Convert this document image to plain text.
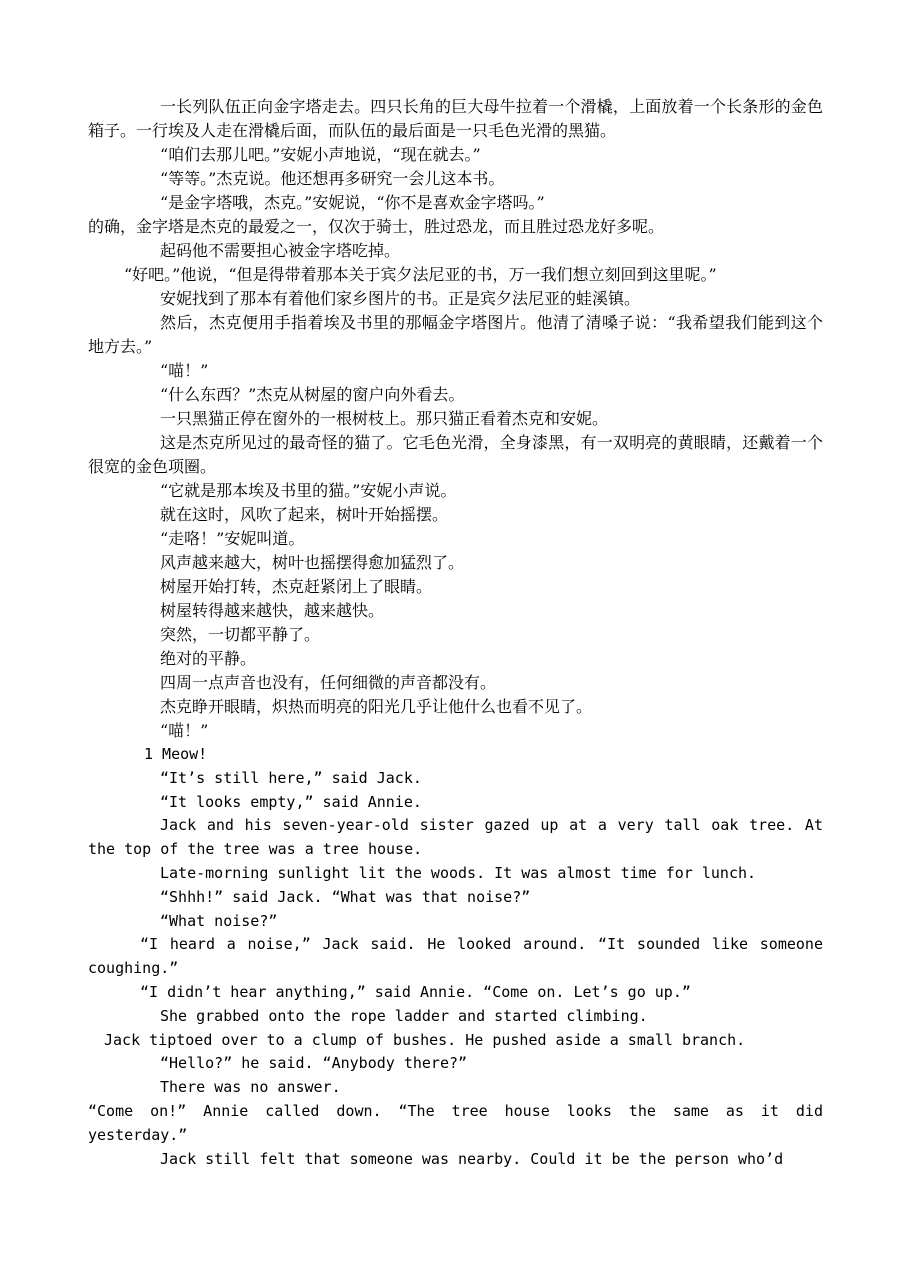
一长列队伍正向金字塔走去。四只长角的巨大母牛拉着一个滑橇，上面放着一个长条形的金色箱子。一行埃及人走在滑橇后面，而队伍的最后面是一只毛色光滑的黑猫。

“咱们去那儿吧。”安妮小声地说，“现在就去。”

“等等。”杰克说。他还想再多研究一会儿这本书。

“是金字塔哦，杰克。”安妮说，“你不是喜欢金字塔吗。”

的确，金字塔是杰克的最爱之一，仅次于骑士，胜过恐龙，而且胜过恐龙好多呢。

起码他不需要担心被金字塔吃掉。

“好吧。”他说，“但是得带着那本关于宾夕法尼亚的书，万一我们想立刻回到这里呢。”

安妮找到了那本有着他们家乡图片的书。正是宾夕法尼亚的蛙溪镇。

然后，杰克便用手指着埃及书里的那幅金字塔图片。他清了清嗓子说：“我希望我们能到这个地方去。”

“喵！”

“什么东西？”杰克从树屋的窗户向外看去。

一只黑猫正停在窗外的一根树枝上。那只猫正看着杰克和安妮。

这是杰克所见过的最奇怪的猫了。它毛色光滑，全身漆黑，有一双明亮的黄眼睛，还戴着一个很宽的金色项圈。

“它就是那本埃及书里的猫。”安妮小声说。

就在这时，风吹了起来，树叶开始摇摆。

“走咯！”安妮叫道。

风声越来越大，树叶也摇摆得愈加猛烈了。

树屋开始打转，杰克赶紧闭上了眼睛。

树屋转得越来越快，越来越快。

突然，一切都平静了。

绝对的平静。

四周一点声音也没有，任何细微的声音都没有。

杰克睁开眼睛，炽热而明亮的阳光几乎让他什么也看不见了。

“喵！”

1 Meow!

“It’s still here,” said Jack.

“It looks empty,” said Annie.

Jack and his seven-year-old sister gazed up at a very tall oak tree. At the top of the tree was a tree house.

Late-morning sunlight lit the woods. It was almost time for lunch.

“Shhh!” said Jack. “What was that noise?”

“What noise?”

“I heard a noise,” Jack said. He looked around. “It sounded like someone coughing.”

“I didn’t hear anything,” said Annie. “Come on. Let’s go up.”

She grabbed onto the rope ladder and started climbing.

Jack tiptoed over to a clump of bushes. He pushed aside a small branch.

“Hello?” he said. “Anybody there?”

There was no answer.

“Come on!” Annie called down. “The tree house looks the same as it did yesterday.”

Jack still felt that someone was nearby. Could it be the person who’d
